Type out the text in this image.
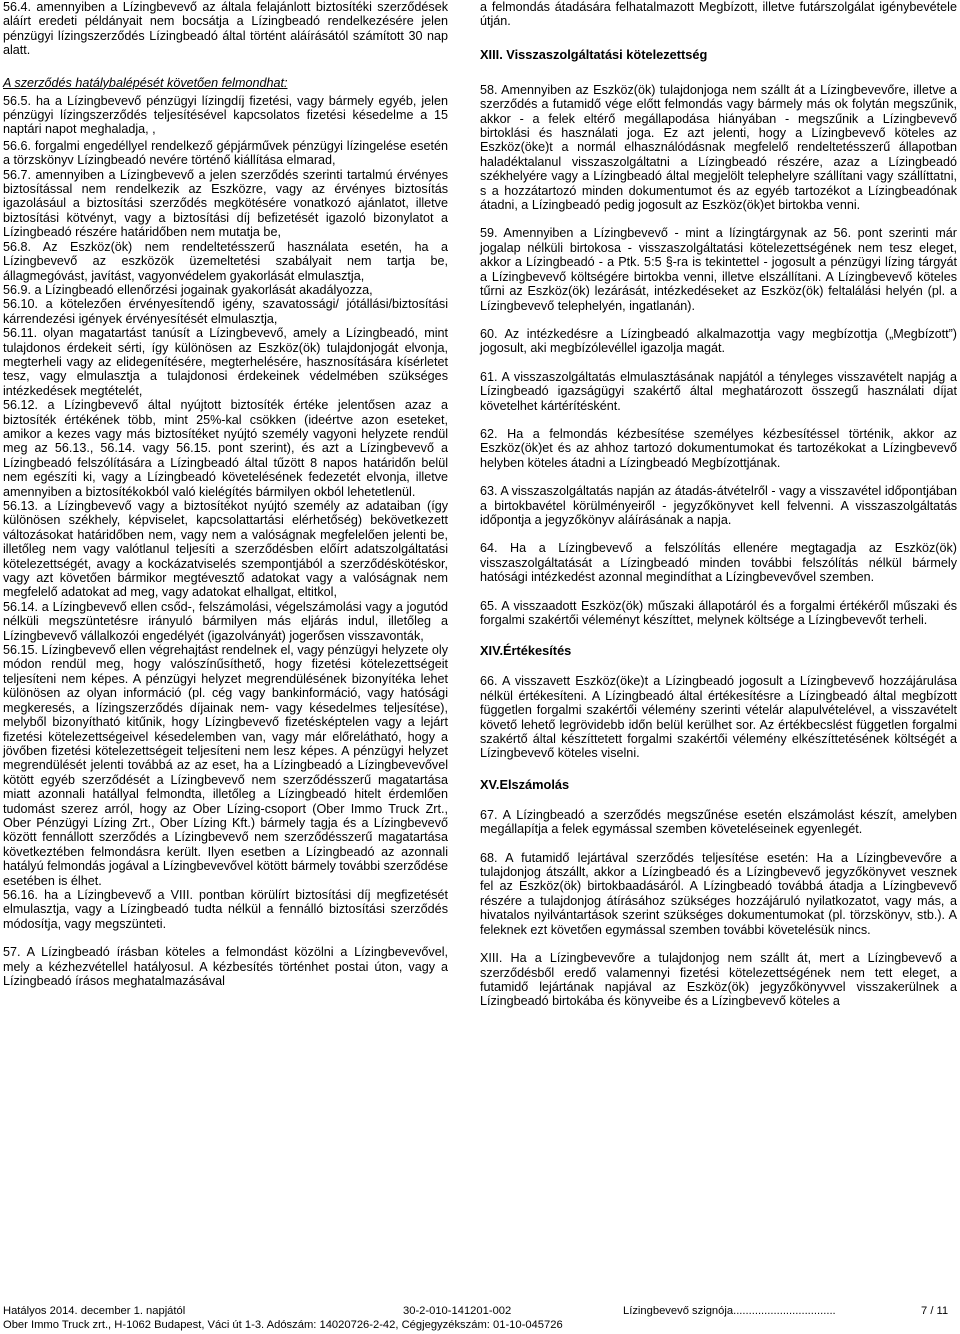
56.4. amennyiben a Lízingbevevő az általa felajánlott biztosítéki szerződések aláírt eredeti példányait nem bocsátja a Lízingbeadó rendelkezésére jelen pénzügyi lízingszerződés Lízingbeadó által történt aláírásától számított 30 nap alatt.

A szerződés hatálybalépését követően felmondhat:

56.5. ha a Lízingbevevő pénzügyi lízingdíj fizetési, vagy bármely egyéb, jelen pénzügyi lízingszerződés teljesítésével kapcsolatos fizetési késedelme a 15 naptári napot meghaladja, ,

56.6. forgalmi engedéllyel rendelkező gépjárművek pénzügyi lízingelése esetén a törzskönyv Lízingbeadó nevére történő kiállítása elmarad,

56.7. amennyiben a Lízingbevevő a jelen szerződés szerinti tartalmú érvényes biztosítással nem rendelkezik az Eszközre, vagy az érvényes biztosítás igazolásául a biztosítási szerződés megkötésére vonatkozó ajánlatot, illetve biztosítási kötvényt, vagy a biztosítási díj befizetését igazoló bizonylatot a Lízingbeadó részére határidőben nem mutatja be,

56.8. Az Eszköz(ök) nem rendeltetésszerű használata esetén, ha a Lízingbevevő az eszközök üzemeltetési szabályait nem tartja be, állagmegóvást, javítást, vagyonvédelem gyakorlását elmulasztja,

56.9. a Lízingbeadó ellenőrzési jogainak gyakorlását akadályozza,

56.10. a kötelezően érvényesítendő igény, szavatossági/ jótállási/biztosítási kárrendezési igények érvényesítését elmulasztja,

56.11. olyan magatartást tanúsít a Lízingbevevő, amely a Lízingbeadó, mint tulajdonos érdekeit sérti, így különösen az Eszköz(ök) tulajdonjogát elvonja, megterheli vagy az elidegenítésére, megterhelésére, hasznosítására kísérletet tesz, vagy elmulasztja a tulajdonosi érdekeinek védelmében szükséges intézkedések megtételét,

56.12. a Lízingbevevő által nyújtott biztosíték értéke jelentősen azaz a biztosíték értékének több, mint 25%-kal csökken (ideértve azon eseteket, amikor a kezes vagy más biztosítéket nyújtó személy vagyoni helyzete rendül meg az 56.13., 56.14. vagy 56.15. pont szerint), és azt a Lízingbevevő a Lízingbeadó felszólítására a Lízingbeadó által tűzött 8 napos határidőn belül nem egészíti ki, vagy a Lízingbeadó követelésének fedezetét elvonja, illetve amennyiben a biztosítékokból való kielégítés bármilyen okból lehetetlenül.

56.13. a Lízingbevevő vagy a biztosítékot nyújtó személy az adataiban (így különösen székhely, képviselet, kapcsolattartási elérhetőség) bekövetkezett változásokat határidőben nem, vagy nem a valóságnak megfelelően jelenti be, illetőleg nem vagy valótlanul teljesíti a szerződésben előírt adatszolgáltatási kötelezettségét, avagy a kockázatviselés szempontjából a szerződéskötéskor, vagy azt követően bármikor megtévesztő adatokat vagy a valóságnak nem megfelelő adatokat ad meg, vagy adatokat elhallgat, eltitkol,

56.14. a Lízingbevevő ellen csőd-, felszámolási, végelszámolási vagy a jogutód nélküli megszüntetésre irányuló bármilyen más eljárás indul, illetőleg a Lízingbevevő vállalkozói engedélyét (igazolványát) jogerősen visszavonták,

56.15. Lízingbevevő ellen végrehajtást rendelnek el, vagy pénzügyi helyzete oly módon rendül meg, hogy valószínűsíthető, hogy fizetési kötelezettségeit teljesíteni nem képes. A pénzügyi helyzet megrendülésének bizonyítéka lehet különösen az olyan információ (pl. cég vagy bankinformáció, vagy hatósági megkeresés, a lízingszerződés díjainak nem- vagy késedelmes teljesítése), melyből bizonyítható kitűnik, hogy Lízingbevevő fizetésképtelen vagy a lejárt fizetési kötelezettségeivel késedelemben van, vagy már előrelátható, hogy a jövőben fizetési kötelezettségeit teljesíteni nem lesz képes. A pénzügyi helyzet megrendülését jelenti továbbá az az eset, ha a Lízingbeadó a Lízingbevevővel kötött egyéb szerződését a Lízingbevevő nem szerződésszerű magatartása miatt azonnali hatállyal felmondta, illetőleg a Lízingbeadó hitelt érdemlően tudomást szerez arról, hogy az Ober Lízing-csoport (Ober Immo Truck Zrt., Ober Pénzügyi Lízing Zrt., Ober Lízing Kft.) bármely tagja és a Lízingbevevő között fennállott szerződés a Lízingbevevő nem szerződésszerű magatartása következtében felmondásra került. Ilyen esetben a Lízingbeadó az azonnali hatályú felmondás jogával a Lízingbevevővel kötött bármely további szerződése esetében is élhet.

56.16. ha a Lízingbevevő a VIII. pontban körülírt biztosítási díj megfizetését elmulasztja, vagy a Lízingbeadó tudta nélkül a fennálló biztosítási szerződés módosítja, vagy megszünteti.

57. A Lízingbeadó írásban köteles a felmondást közölni a Lízingbevevővel, mely a kézhezvétellel hatályosul. A kézbesítés történhet postai úton, vagy a Lízingbeadó írásos meghatalmazásával

a felmondás átadására felhatalmazott Megbízott, illetve futárszolgálat igénybevétele útján.

XIII. Visszaszolgáltatási kötelezettség

58. Amennyiben az Eszköz(ök) tulajdonjoga nem szállt át a Lízingbevevőre, illetve a szerződés a futamidő vége előtt felmondás vagy bármely más ok folytán megszűnik, akkor - a felek eltérő megállapodása hiányában - megszűnik a Lízingbevevő birtoklási és használati joga. Ez azt jelenti, hogy a Lízingbevevő köteles az Eszköz(öke)t a normál elhasználódásnak megfelelő rendeltetésszerű állapotban haladéktalanul visszaszolgáltatni a Lízingbeadó részére, azaz a Lízingbeadó székhelyére vagy a Lízingbeadó által megjelölt telephelyre szállítani vagy szállíttatni, s a hozzátartozó minden dokumentumot és az egyéb tartozékot a Lízingbeadónak átadni, a Lízingbeadó pedig jogosult az Eszköz(ök)et birtokba venni.

59. Amennyiben a Lízingbevevő - mint a lízingtárgynak az 56. pont szerinti már jogalap nélküli birtokosa - visszaszolgáltatási kötelezettségének nem tesz eleget, akkor a Lízingbeadó - a Ptk. 5:5 §-ra is tekintettel - jogosult a pénzügyi lízing tárgyát a Lízingbevevő költségére birtokba venni, illetve elszállítani. A Lízingbevevő köteles tűrni az Eszköz(ök) lezárását, intézkedéseket az Eszköz(ök) feltalálási helyén (pl. a Lízingbevevő telephelyén, ingatlanán).

60. Az intézkedésre a Lízingbeadó alkalmazottja vagy megbízottja („Megbízott”) jogosult, aki megbízólevéllel igazolja magát.

61. A visszaszolgáltatás elmulasztásának napjától a tényleges visszavételt napjág a Lízingbeadó igazságügyi szakértő által meghatározott összegű használati díjat követelhet kártérítésként.

62. Ha a felmondás kézbesítése személyes kézbesítéssel történik, akkor az Eszköz(ök)et és az ahhoz tartozó dokumentumokat és tartozékokat a Lízingbevevő helyben köteles átadni a Lízingbeadó Megbízottjának.

63. A visszaszolgáltatás napján az átadás-átvételről - vagy a visszavétel időpontjában a birtokbavétel körülményeiről - jegyzőkönyvet kell felvenni. A visszaszolgáltatás időpontja a jegyzőkönyv aláírásának a napja.

64. Ha a Lízingbevevő a felszólítás ellenére megtagadja az Eszköz(ök) visszaszolgáltatását a Lízingbeadó minden további felszólítás nélkül bármely hatósági intézkedést azonnal megindíthat a Lízingbevevővel szemben.

65. A visszaadott Eszköz(ök) műszaki állapotáról és a forgalmi értékéről műszaki és forgalmi szakértői véleményt készíttet, melynek költsége a Lízingbevevőt terheli.

XIV.Értékesítés

66. A visszavett Eszköz(öke)t a Lízingbeadó jogosult a Lízingbevevő hozzájárulása nélkül értékesíteni. A Lízingbeadó által értékesítésre a Lízingbeadó által megbízott független forgalmi szakértői vélemény szerinti vételár alapulvételével, a visszavételt követő lehető legrövidebb időn belül kerülhet sor. Az értékbecslést független forgalmi szakértő által készíttetett forgalmi szakértői vélemény elkészíttetésének költségét a Lízingbevevő köteles viselni.

XV.Elszámolás

67. A Lízingbeadó a szerződés megszűnése esetén elszámolást készít, amelyben megállapítja a felek egymással szemben követeléseinek egyenlegét.

68. A futamidő lejártával szerződés teljesítése esetén: Ha a Lízingbevevőre a tulajdonjog átszállt, akkor a Lízingbeadó és a Lízingbevevő jegyzőkönyvet vesznek fel az Eszköz(ök) birtokbaadásáról. A Lízingbeadó továbbá átadja a Lízingbevevő részére a tulajdonjog átírásához szükséges hozzájáruló nyilatkozatot, vagy más, a hivatalos nyilvántartások szerint szükséges dokumentumokat (pl. törzskönyv, stb.). A feleknek ezt követően egymással szemben további követelésük nincs.

XIII. Ha a Lízingbevevőre a tulajdonjog nem szállt át, mert a Lízingbevevő a szerződésből eredő valamennyi fizetési kötelezettségének nem tett eleget, a futamidő lejártának napjával az Eszköz(ök) jegyzőkönyvvel visszakerülnek a Lízingbeadó birtokába és könyveibe és a Lízingbevevő köteles a

Hatályos 2014. december 1. napjától	30-2-010-141201-002	Lízingbevevő szignója.................................	7 / 11
Ober Immo Truck zrt., H-1062 Budapest, Váci út 1-3. Adószám: 14020726-2-42, Cégjegyzékszám: 01-10-045726
